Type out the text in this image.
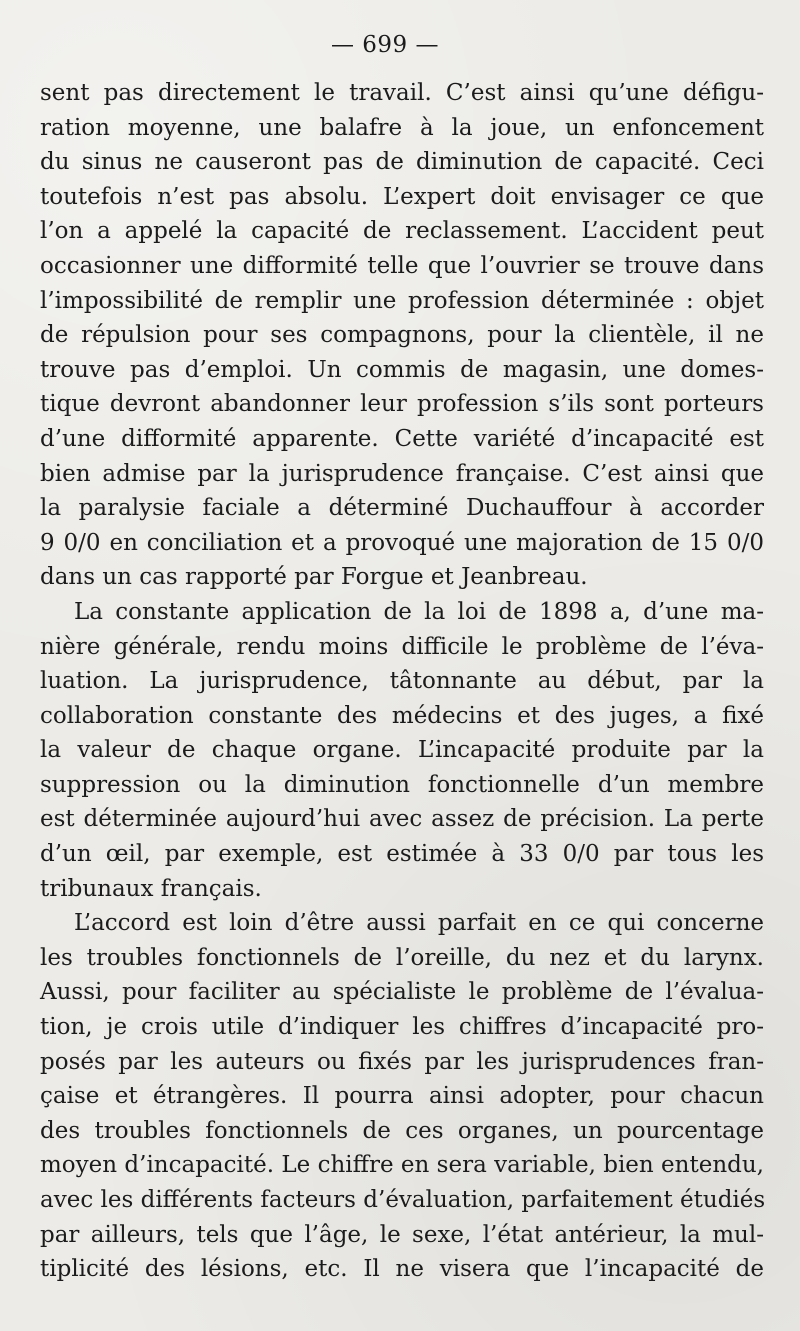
— 699 —
sent pas directement le travail. C’est ainsi qu’une défigu-
ration moyenne, une balafre à la joue, un enfoncement
du sinus ne causeront pas de diminution de capacité. Ceci
toutefois n’est pas absolu. L’expert doit envisager ce que
l’on a appelé la capacité de reclassement. L’accident peut
occasionner une difformité telle que l’ouvrier se trouve dans
l’impossibilité de remplir une profession déterminée : objet
de répulsion pour ses compagnons, pour la clientèle, il ne
trouve pas d’emploi. Un commis de magasin, une domes-
tique devront abandonner leur profession s’ils sont porteurs
d’une difformité apparente. Cette variété d’incapacité est
bien admise par la jurisprudence française. C’est ainsi que
la paralysie faciale a déterminé Duchauffour à accorder
9 0/0 en conciliation et a provoqué une majoration de 15 0/0
dans un cas rapporté par Forgue et Jeanbreau.
La constante application de la loi de 1898 a, d’une ma-
nière générale, rendu moins difficile le problème de l’éva-
luation. La jurisprudence, tâtonnante au début, par la
collaboration constante des médecins et des juges, a fixé
la valeur de chaque organe. L’incapacité produite par la
suppression ou la diminution fonctionnelle d’un membre
est déterminée aujourd’hui avec assez de précision. La perte
d’un œil, par exemple, est estimée à 33 0/0 par tous les
tribunaux français.
L’accord est loin d’être aussi parfait en ce qui concerne
les troubles fonctionnels de l’oreille, du nez et du larynx.
Aussi, pour faciliter au spécialiste le problème de l’évalua-
tion, je crois utile d’indiquer les chiffres d’incapacité pro-
posés par les auteurs ou fixés par les jurisprudences fran-
çaise et étrangères. Il pourra ainsi adopter, pour chacun
des troubles fonctionnels de ces organes, un pourcentage
moyen d’incapacité. Le chiffre en sera variable, bien entendu,
avec les différents facteurs d’évaluation, parfaitement étudiés
par ailleurs, tels que l’âge, le sexe, l’état antérieur, la mul-
tiplicité des lésions, etc. Il ne visera que l’incapacité de
